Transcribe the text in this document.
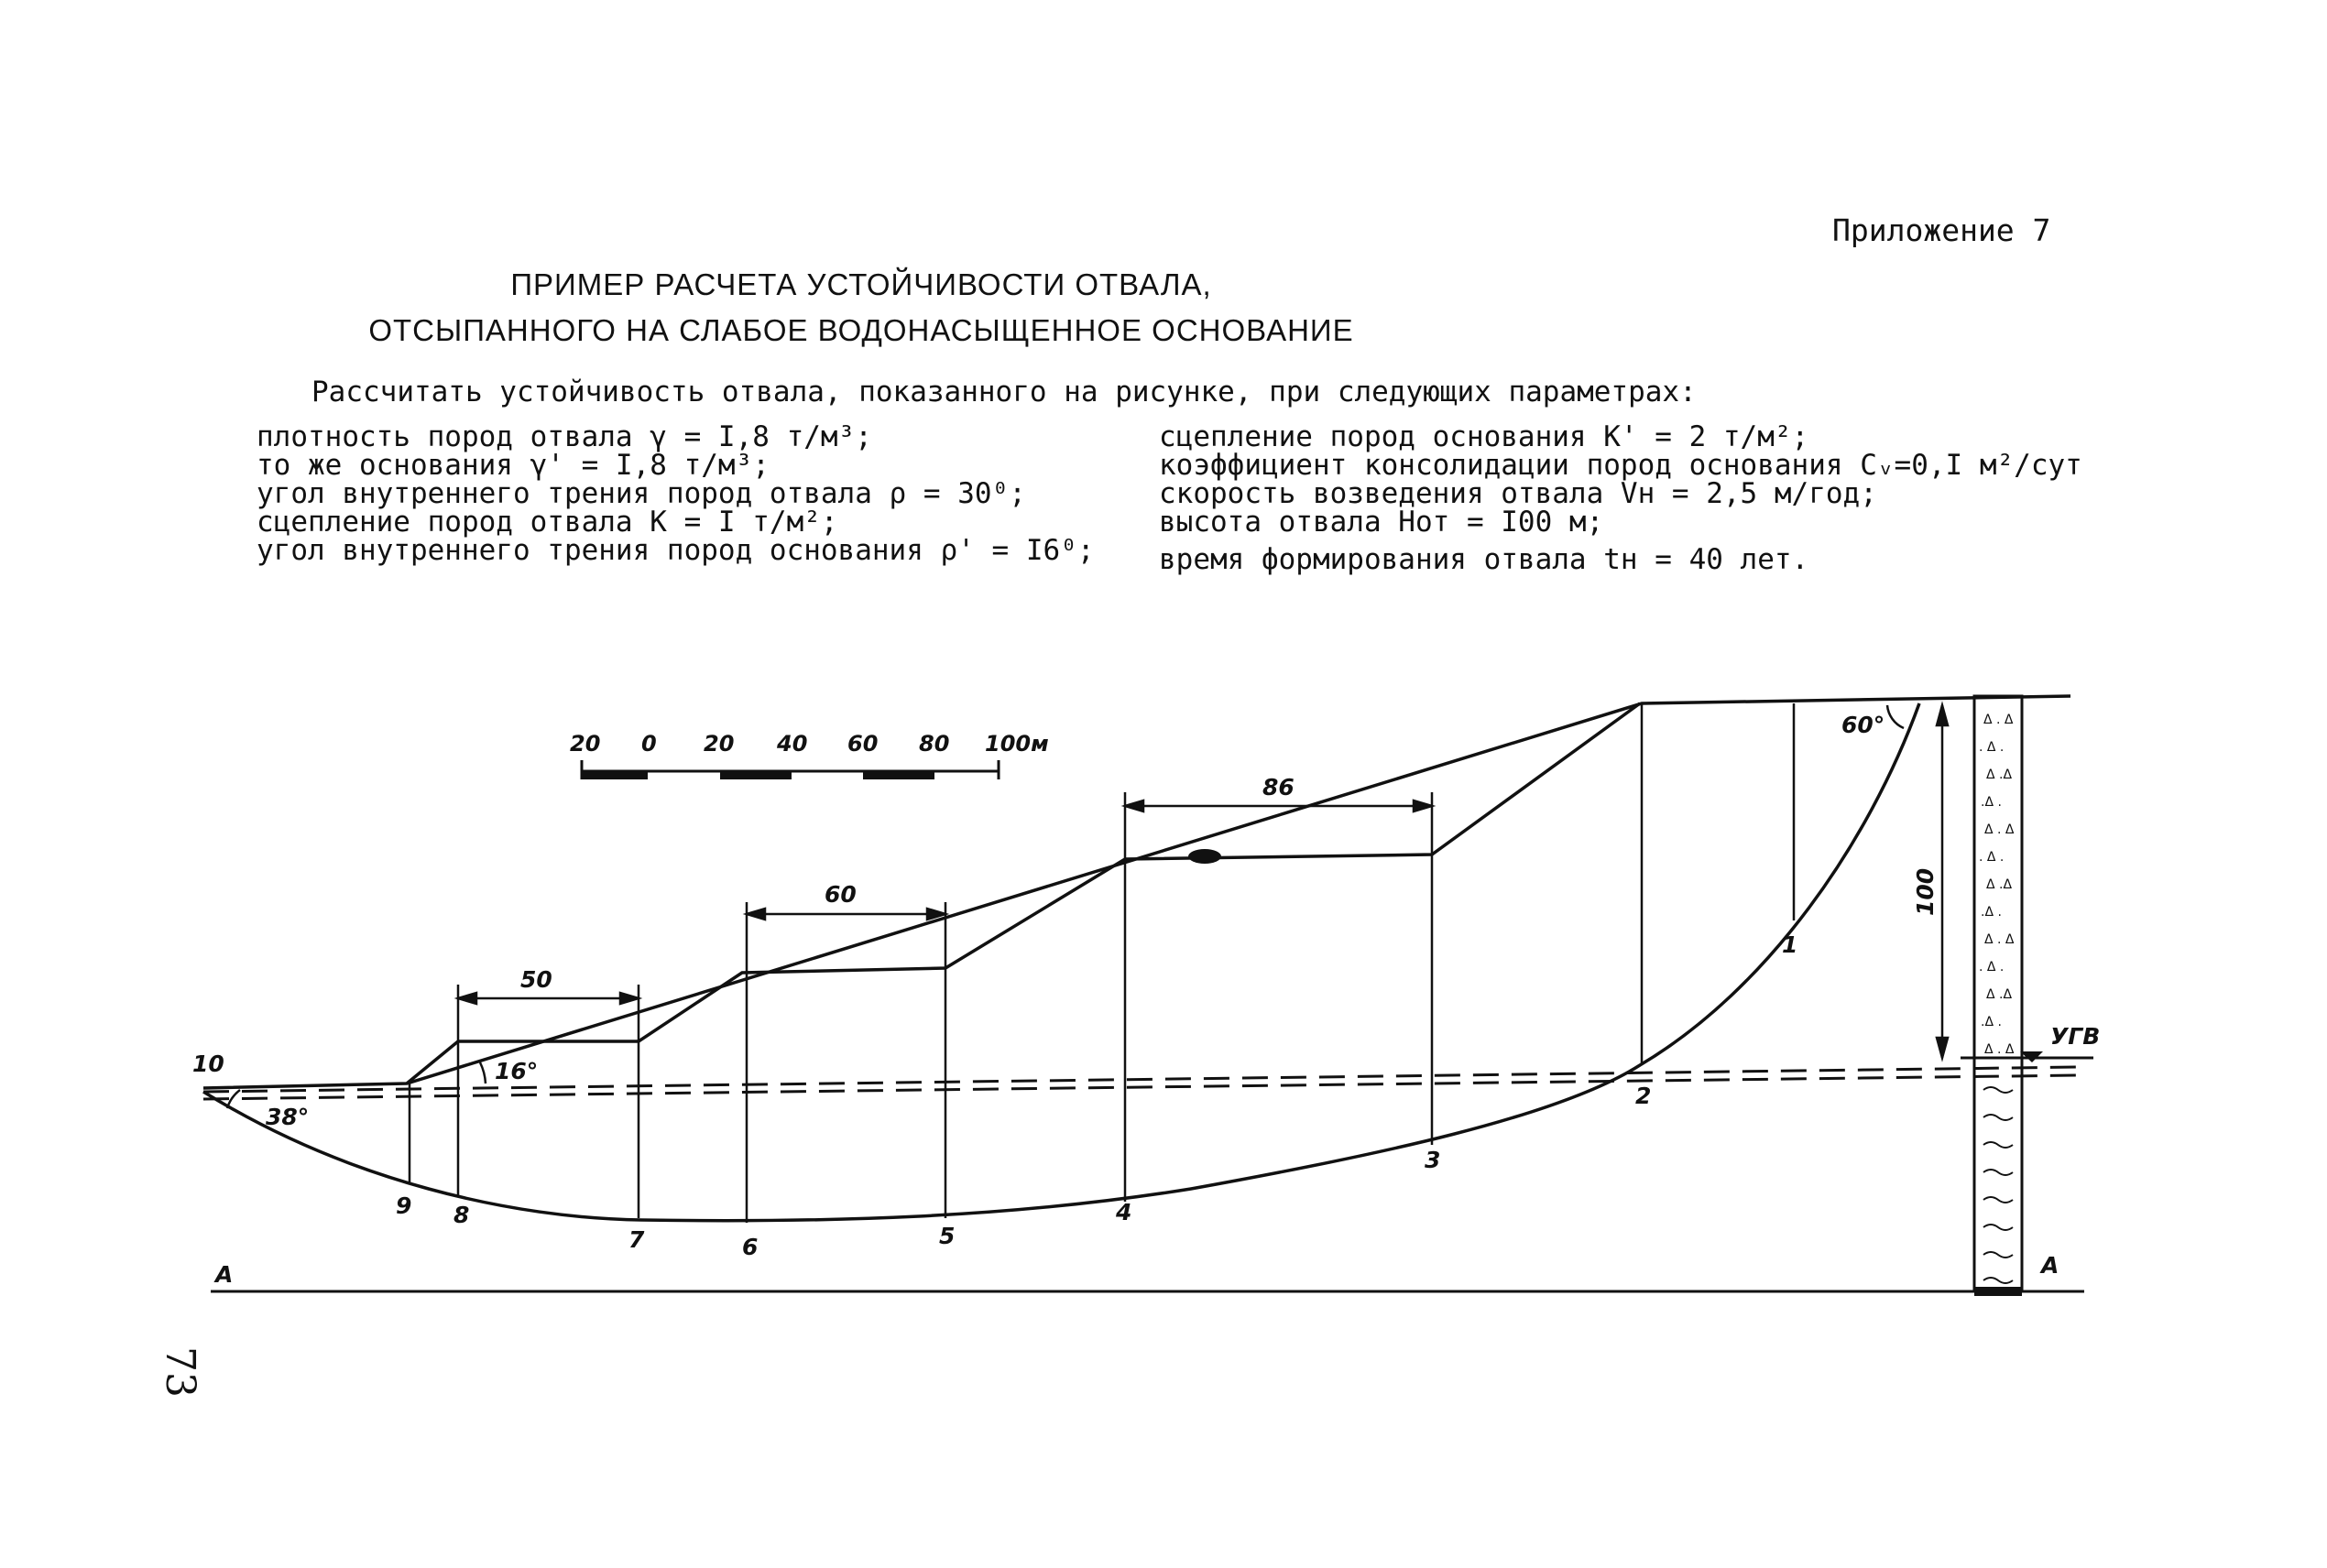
Приложение 7
ПРИМЕР РАСЧЕТА УСТОЙЧИВОСТИ ОТВАЛА,
ОТСЫПАННОГО НА СЛАБОЕ ВОДОНАСЫЩЕННОЕ ОСНОВАНИЕ
Рассчитать устойчивость отвала, показанного на рисунке, при следующих параметрах:
плотность пород отвала γ = I,8 т/м³;
то же основания γ' = I,8 т/м³;
угол внутреннего трения пород отвала ρ = 30⁰;
сцепление пород отвала K = I т/м²;
угол внутреннего трения пород основания ρ' = I6⁰;
сцепление пород основания K' = 2 т/м²;
коэффициент консолидации пород основания Cᵥ=0,I м²/сут
скорость возведения отвала Vн = 2,5 м/год;
высота отвала Hот = I00 м;
время формирования отвала tн = 40 лет.
20 0 20 40 60 80 100м
50
60
86
100
Δ . Δ
. Δ .
Δ .Δ
.Δ .
Δ . Δ
. Δ .
Δ .Δ
.Δ .
Δ . Δ
. Δ .
Δ .Δ
.Δ .
Δ . Δ УГВ
16°
38°
60°
1
2
3
4
5
6
7
8
9
10
A	A
73
